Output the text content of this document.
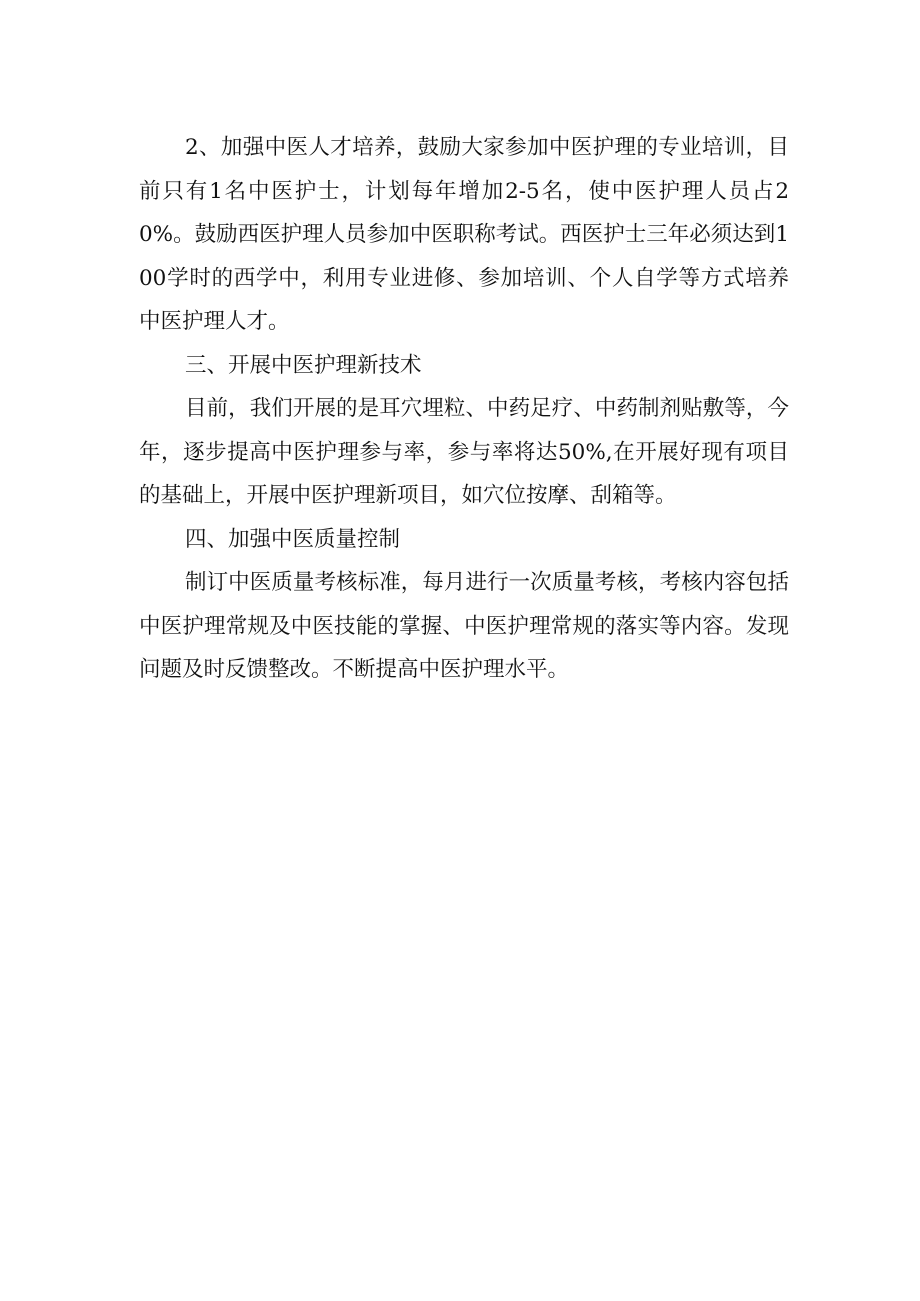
2、加强中医人才培养，鼓励大家参加中医护理的专业培训，目前只有1名中医护士，计划每年增加2-5名，使中医护理人员占20%。鼓励西医护理人员参加中医职称考试。西医护士三年必须达到100学时的西学中，利用专业进修、参加培训、个人自学等方式培养中医护理人才。

三、开展中医护理新技术

目前，我们开展的是耳穴埋粒、中药足疗、中药制剂贴敷等，今年，逐步提高中医护理参与率，参与率将达50%,在开展好现有项目的基础上，开展中医护理新项目，如穴位按摩、刮箱等。

四、加强中医质量控制

制订中医质量考核标准，每月进行一次质量考核，考核内容包括中医护理常规及中医技能的掌握、中医护理常规的落实等内容。发现问题及时反馈整改。不断提高中医护理水平。
